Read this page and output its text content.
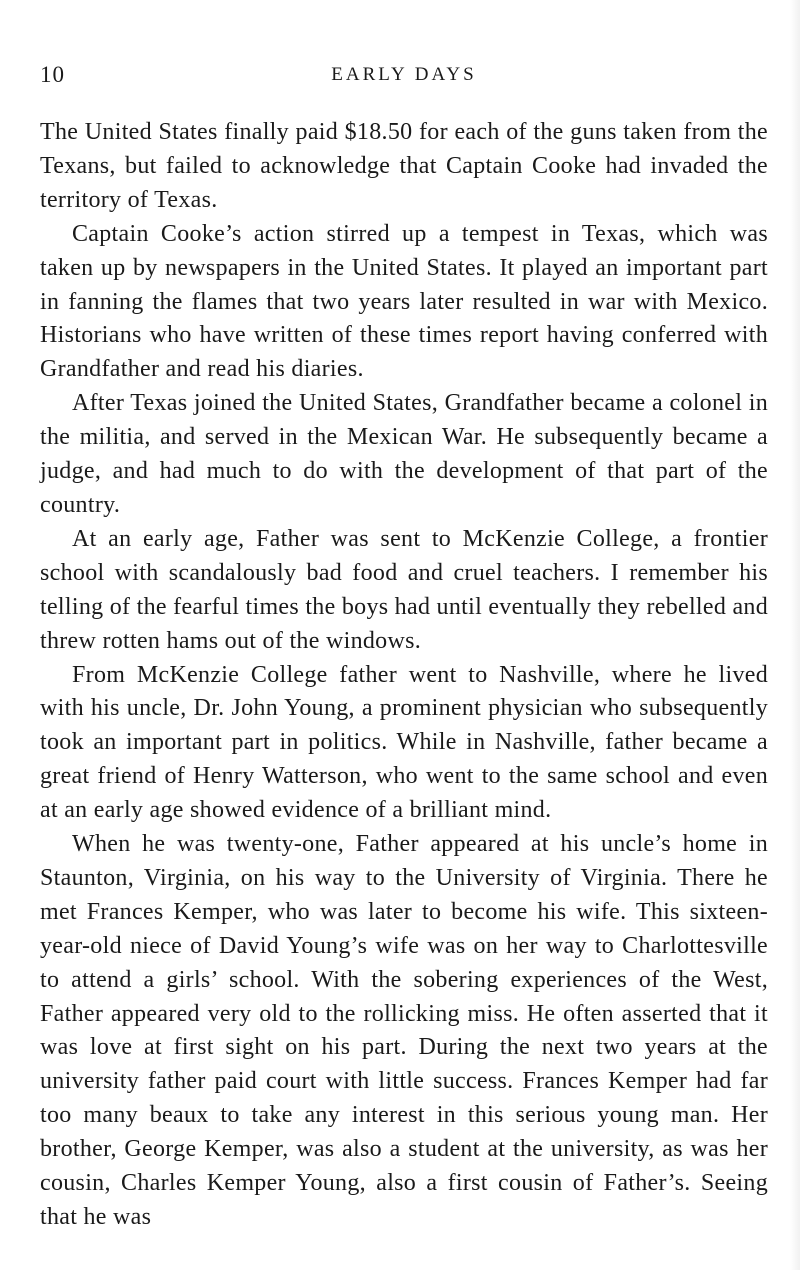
10	EARLY DAYS

The United States finally paid $18.50 for each of the guns taken from the Texans, but failed to acknowledge that Captain Cooke had invaded the territory of Texas.

Captain Cooke’s action stirred up a tempest in Texas, which was taken up by newspapers in the United States. It played an important part in fanning the flames that two years later resulted in war with Mexico. Historians who have written of these times report having conferred with Grandfather and read his diaries.

After Texas joined the United States, Grandfather became a colonel in the militia, and served in the Mexican War. He subsequently became a judge, and had much to do with the development of that part of the country.

At an early age, Father was sent to McKenzie College, a frontier school with scandalously bad food and cruel teachers. I remember his telling of the fearful times the boys had until eventually they rebelled and threw rotten hams out of the windows.

From McKenzie College father went to Nashville, where he lived with his uncle, Dr. John Young, a prominent physician who subsequently took an important part in politics. While in Nashville, father became a great friend of Henry Watterson, who went to the same school and even at an early age showed evidence of a brilliant mind.

When he was twenty-one, Father appeared at his uncle’s home in Staunton, Virginia, on his way to the University of Virginia. There he met Frances Kemper, who was later to become his wife. This sixteen-year-old niece of David Young’s wife was on her way to Charlottesville to attend a girls’ school. With the sobering experiences of the West, Father appeared very old to the rollicking miss. He often asserted that it was love at first sight on his part. During the next two years at the university father paid court with little success. Frances Kemper had far too many beaux to take any interest in this serious young man. Her brother, George Kemper, was also a student at the university, as was her cousin, Charles Kemper Young, also a first cousin of Father’s. Seeing that he was
